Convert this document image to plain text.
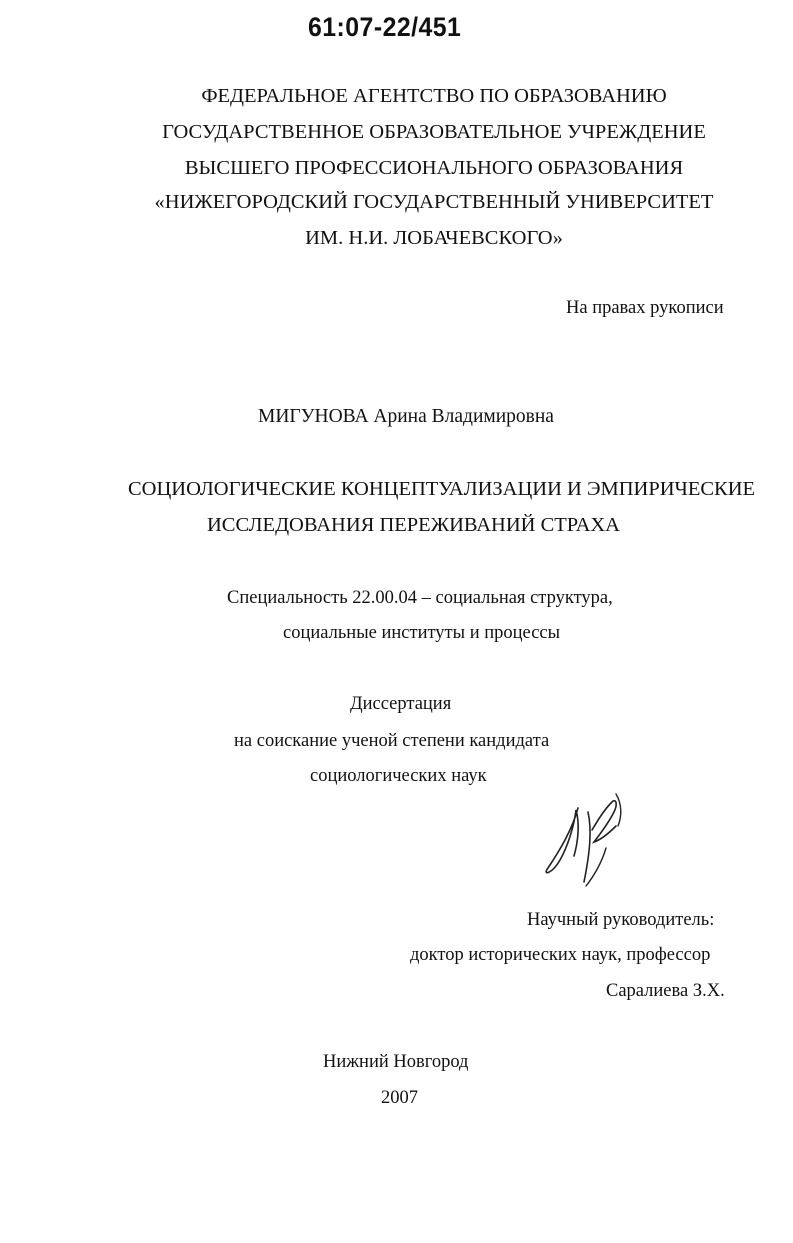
61:07-22/451
ФЕДЕРАЛЬНОЕ АГЕНТСТВО ПО ОБРАЗОВАНИЮ
ГОСУДАРСТВЕННОЕ ОБРАЗОВАТЕЛЬНОЕ УЧРЕЖДЕНИЕ
ВЫСШЕГО ПРОФЕССИОНАЛЬНОГО ОБРАЗОВАНИЯ
«НИЖЕГОРОДСКИЙ ГОСУДАРСТВЕННЫЙ УНИВЕРСИТЕТ
ИМ. Н.И. ЛОБАЧЕВСКОГО»
На правах рукописи
МИГУНОВА Арина Владимировна
СОЦИОЛОГИЧЕСКИЕ КОНЦЕПТУАЛИЗАЦИИ И ЭМПИРИЧЕСКИЕ
ИССЛЕДОВАНИЯ ПЕРЕЖИВАНИЙ СТРАХА
Специальность 22.00.04 – социальная структура,
социальные институты и процессы
Диссертация
на соискание ученой степени кандидата
социологических наук
Научный руководитель:
доктор исторических наук, профессор
Саралиева З.Х.
Нижний Новгород
2007
